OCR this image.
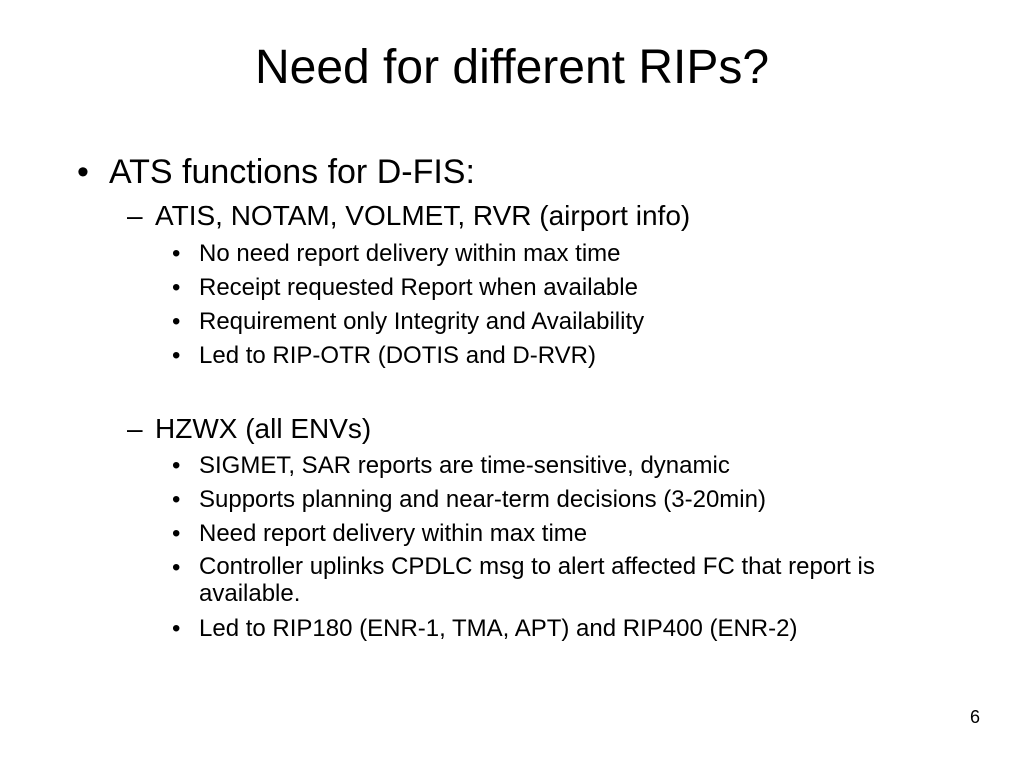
Need for different RIPs?
• ATS functions for D-FIS:
– ATIS, NOTAM, VOLMET, RVR (airport info)
• No need report delivery within max time
• Receipt requested Report when available
• Requirement only Integrity and Availability
• Led to RIP-OTR (DOTIS and D-RVR)
– HZWX (all ENVs)
• SIGMET, SAR reports are time-sensitive, dynamic
• Supports planning and near-term decisions (3-20min)
• Need report delivery within max time
• Controller uplinks CPDLC msg to alert affected FC that report is available.
• Led to RIP180 (ENR-1, TMA, APT) and RIP400 (ENR-2)
6
